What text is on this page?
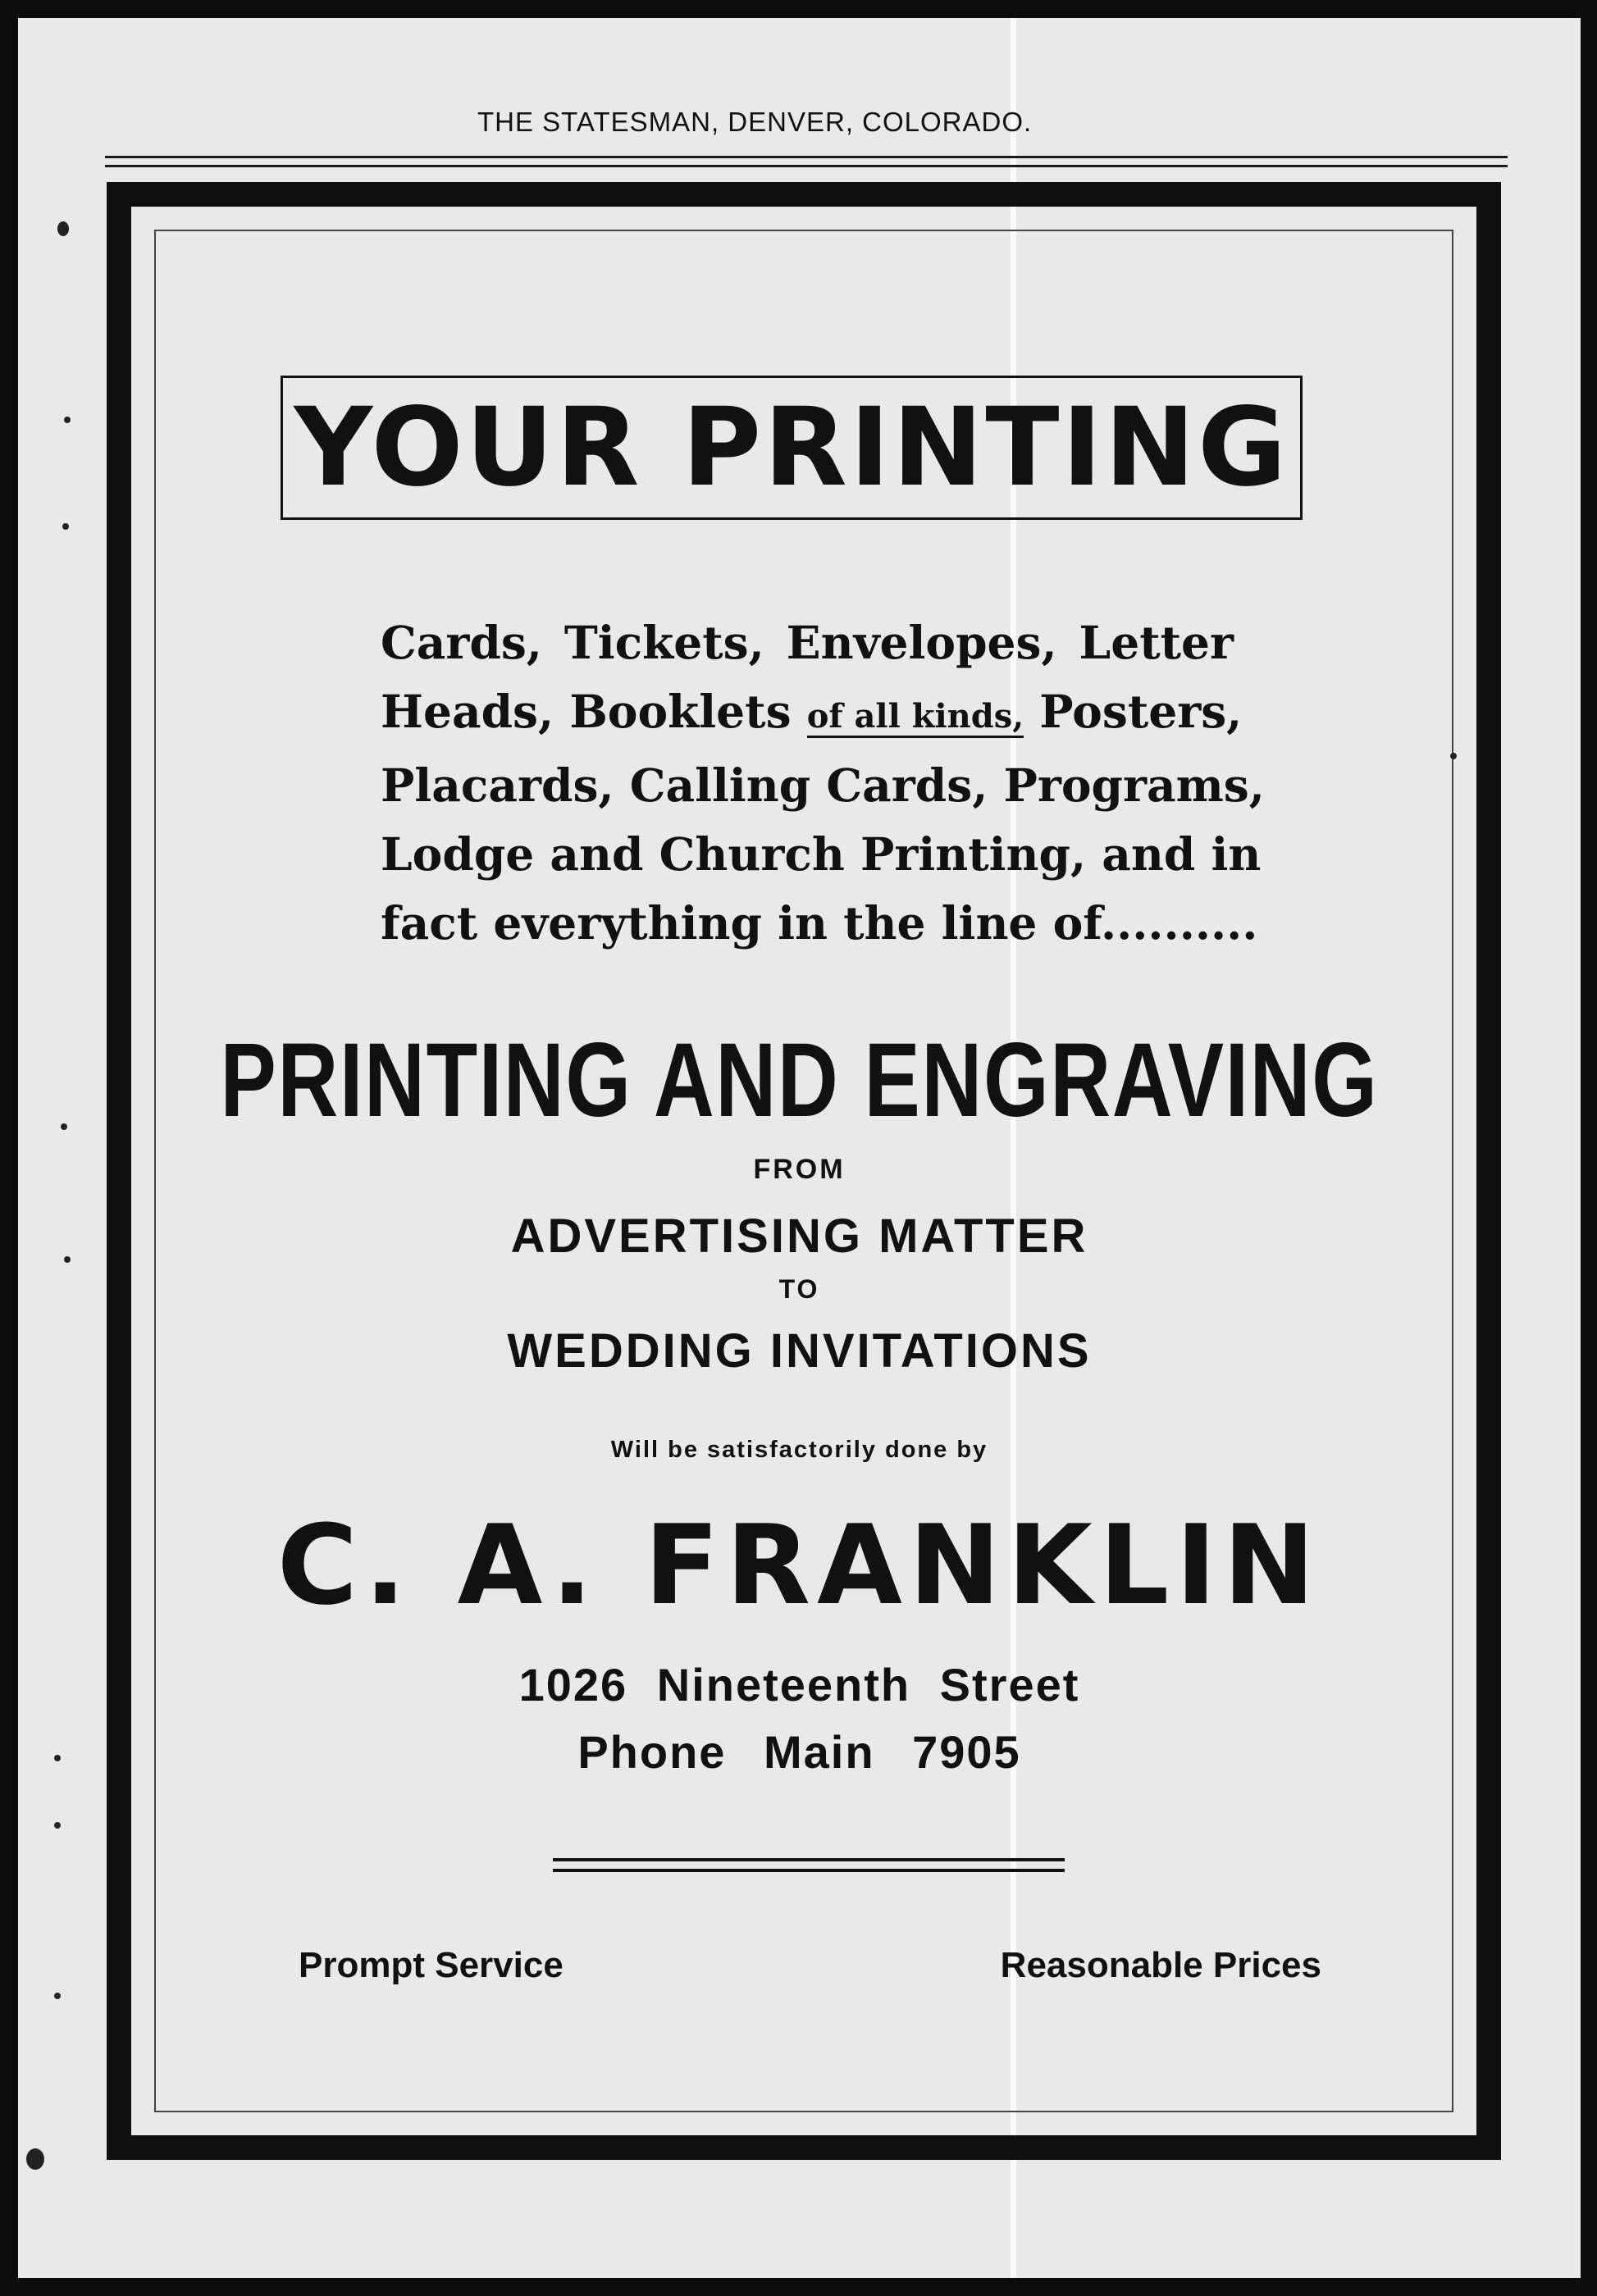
THE STATESMAN, DENVER, COLORADO.
YOUR PRINTING
Cards, Tickets, Envelopes, Letter
Heads, Booklets of all kinds, Posters,
Placards, Calling Cards, Programs,
Lodge and Church Printing, and in
fact everything in the line of..........
PRINTING AND ENGRAVING
FROM
ADVERTISING MATTER
TO
WEDDING INVITATIONS
Will be satisfactorily done by
C. A. FRANKLIN
1026 Nineteenth Street
Phone Main 7905
Prompt Service	Reasonable Prices
